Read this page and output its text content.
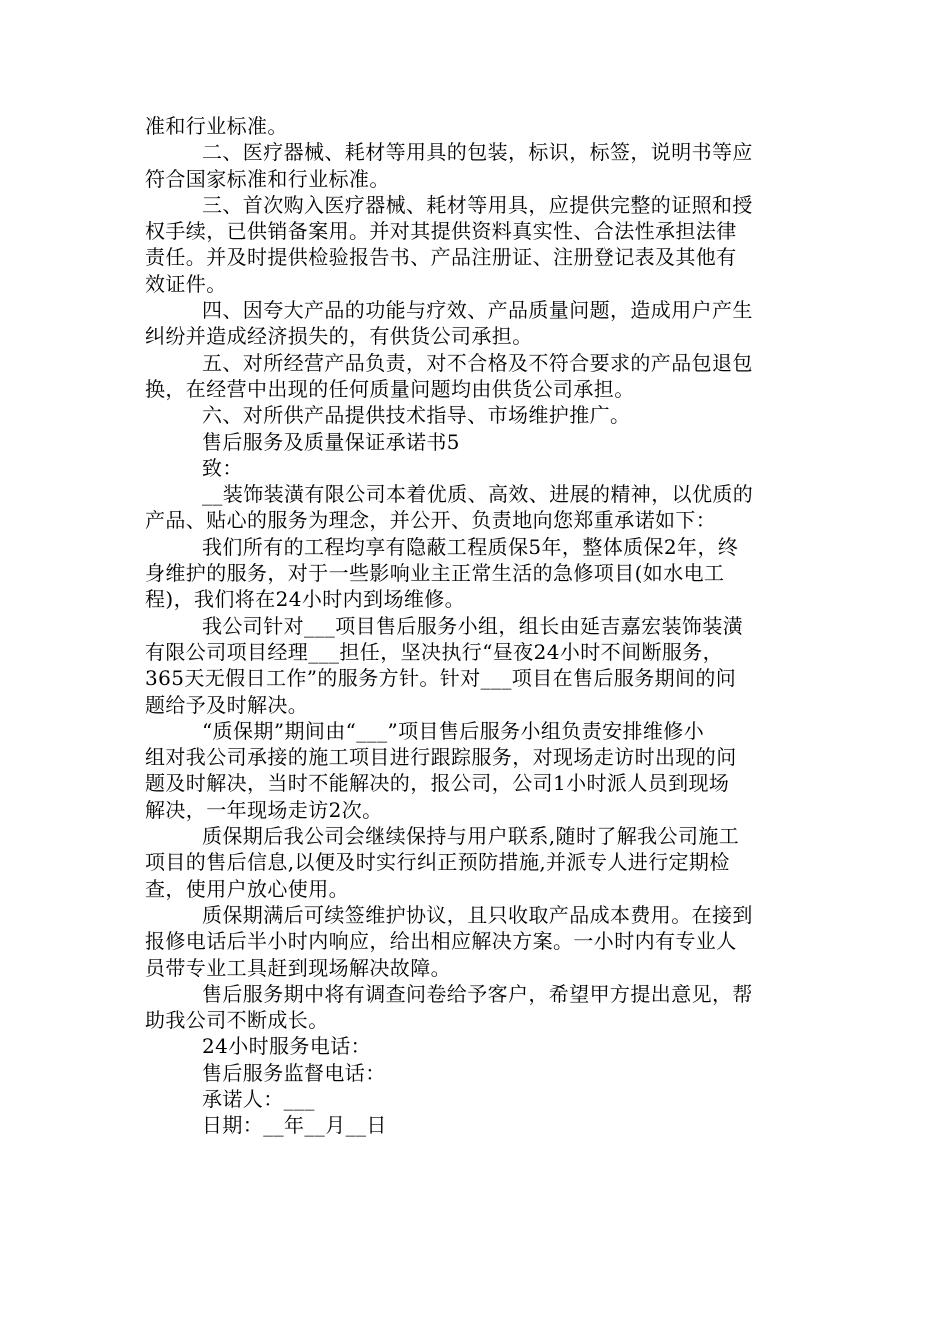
准和行业标准。
二、医疗器械、耗材等用具的包装，标识，标签，说明书等应
符合国家标准和行业标准。
三、首次购入医疗器械、耗材等用具，应提供完整的证照和授
权手续，已供销备案用。并对其提供资料真实性、合法性承担法律
责任。并及时提供检验报告书、产品注册证、注册登记表及其他有
效证件。
四、因夸大产品的功能与疗效、产品质量问题，造成用户产生
纠纷并造成经济损失的，有供货公司承担。
五、对所经营产品负责，对不合格及不符合要求的产品包退包
换，在经营中出现的任何质量问题均由供货公司承担。
六、对所供产品提供技术指导、市场维护推广。
售后服务及质量保证承诺书5
致：
__装饰装潢有限公司本着优质、高效、进展的精神，以优质的
产品、贴心的服务为理念，并公开、负责地向您郑重承诺如下：
我们所有的工程均享有隐蔽工程质保5年，整体质保2年，终
身维护的服务，对于一些影响业主正常生活的急修项目(如水电工
程)，我们将在24小时内到场维修。
我公司针对___项目售后服务小组，组长由延吉嘉宏装饰装潢
有限公司项目经理___担任，坚决执行“昼夜24小时不间断服务，
365天无假日工作”的服务方针。针对___项目在售后服务期间的问
题给予及时解决。
“质保期”期间由“___”项目售后服务小组负责安排维修小
组对我公司承接的施工项目进行跟踪服务，对现场走访时出现的问
题及时解决，当时不能解决的，报公司，公司1小时派人员到现场
解决，一年现场走访2次。
质保期后我公司会继续保持与用户联系,随时了解我公司施工
项目的售后信息,以便及时实行纠正预防措施,并派专人进行定期检
查，使用户放心使用。
质保期满后可续签维护协议，且只收取产品成本费用。在接到
报修电话后半小时内响应，给出相应解决方案。一小时内有专业人
员带专业工具赶到现场解决故障。
售后服务期中将有调查问卷给予客户，希望甲方提出意见，帮
助我公司不断成长。
24小时服务电话：
售后服务监督电话：
承诺人：___
日期：__年__月__日
